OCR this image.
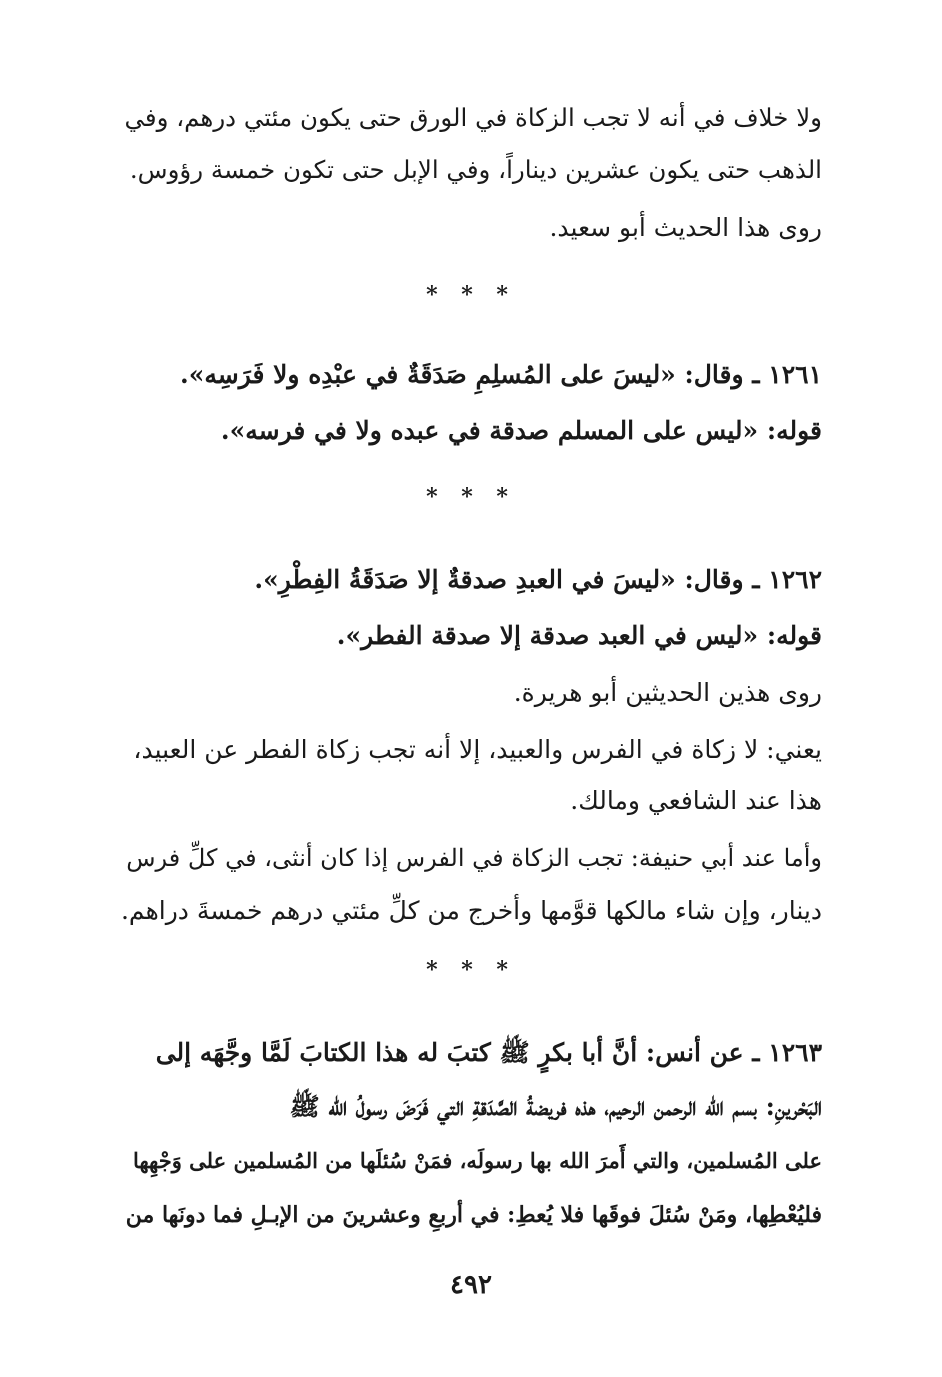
ولا خلاف في أنه لا تجب الزكاة في الورق حتى يكون مئتي درهم، وفي
الذهب حتى يكون عشرين ديناراً، وفي الإبل حتى تكون خمسة رؤوس.
روى هذا الحديث أبو سعيد.
* * *
١٢٦١ ـ وقال: «ليسَ على المُسلِمِ صَدَقَةٌ في عبْدِه ولا فَرَسِه».
قوله: «ليس على المسلم صدقة في عبده ولا في فرسه».
* * *
١٢٦٢ ـ وقال: «ليسَ في العبدِ صدقةٌ إلا صَدَقَةُ الفِطْرِ».
قوله: «ليس في العبد صدقة إلا صدقة الفطر».
روى هذين الحديثين أبو هريرة.
يعني: لا زكاة في الفرس والعبيد، إلا أنه تجب زكاة الفطر عن العبيد،
هذا عند الشافعي ومالك.
وأما عند أبي حنيفة: تجب الزكاة في الفرس إذا كان أنثى، في كلِّ فرس
دينار، وإن شاء مالكها قوَّمها وأخرج من كلِّ مئتي درهم خمسةَ دراهم.
* * *
١٢٦٣ ـ عن أنس: أنَّ أبا بكرٍ ﷺ كتبَ له هذا الكتابَ لَمَّا وجَّهَه إلى
البَحْرينِ: بسم الله الرحمن الرحيم، هذه فريضةُ الصَّدَقةِ التي فَرَضَ رسولُ الله ﷺ
على المُسلمين، والتي أَمرَ الله بها رسولَه، فمَنْ سُئلَها من المُسلمين على وَجْهِها
فليُعْطِها، ومَنْ سُئلَ فوقَها فلا يُعطِ: في أربعِ وعشرينَ من الإبـلِ فما دونَها من
٤٩٢
